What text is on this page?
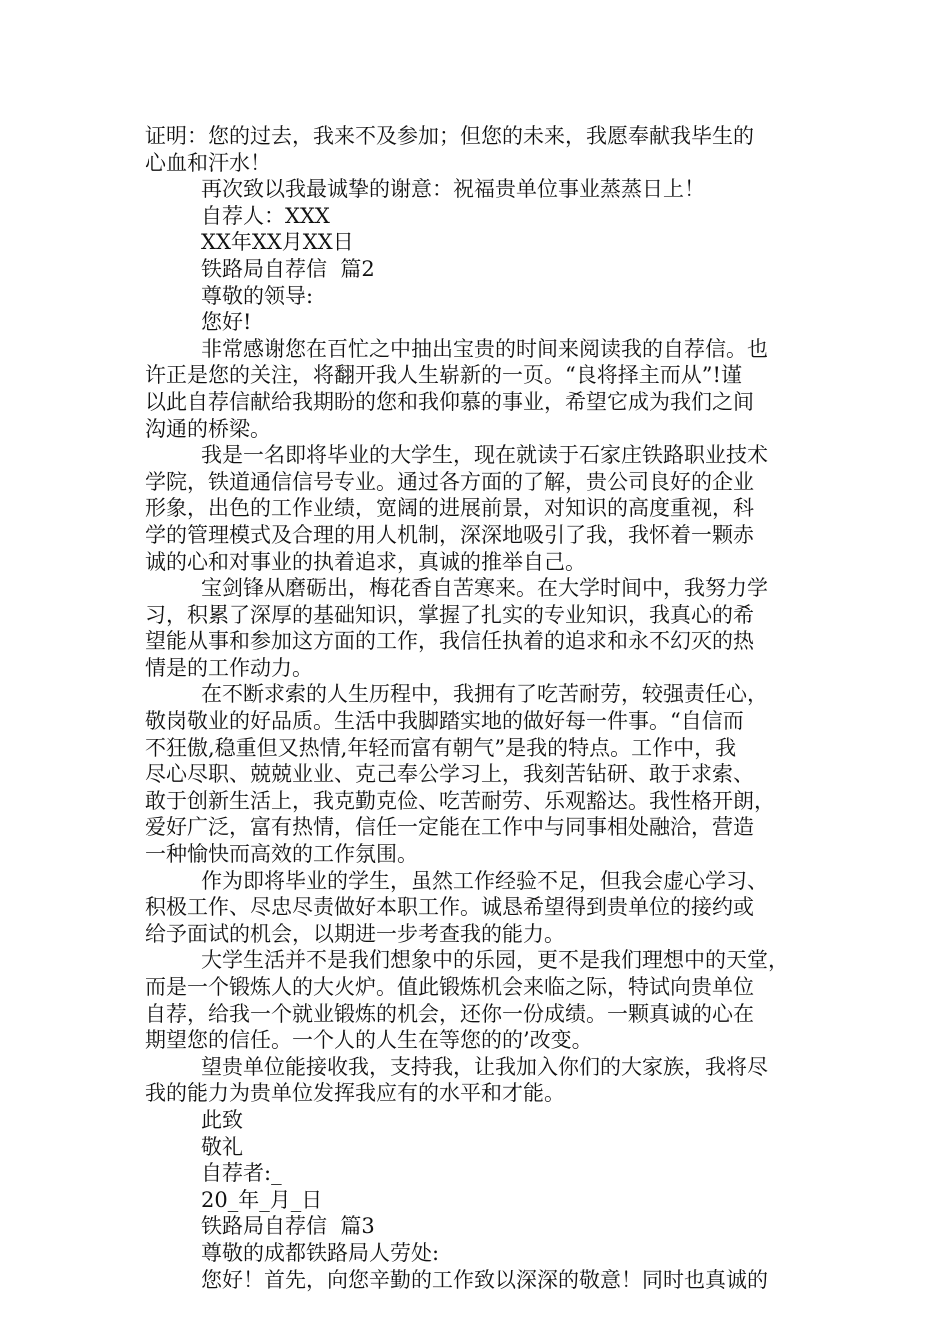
证明：您的过去，我来不及参加；但您的未来，我愿奉献我毕生的
心血和汗水！
再次致以我最诚挚的谢意：祝福贵单位事业蒸蒸日上！
自荐人：XXX
XX年XX月XX日
铁路局自荐信  篇2
尊敬的领导:
您好!
非常感谢您在百忙之中抽出宝贵的时间来阅读我的自荐信。也
许正是您的关注，将翻开我人生崭新的一页。“良将择主而从”!谨
以此自荐信献给我期盼的您和我仰慕的事业，希望它成为我们之间
沟通的桥梁。
我是一名即将毕业的大学生，现在就读于石家庄铁路职业技术
学院，铁道通信信号专业。通过各方面的了解，贵公司良好的企业
形象，出色的工作业绩，宽阔的进展前景，对知识的高度重视，科
学的管理模式及合理的用人机制，深深地吸引了我，我怀着一颗赤
诚的心和对事业的执着追求，真诚的推举自己。
宝剑锋从磨砺出，梅花香自苦寒来。在大学时间中，我努力学
习，积累了深厚的基础知识，掌握了扎实的专业知识，我真心的希
望能从事和参加这方面的工作，我信任执着的追求和永不幻灭的热
情是的工作动力。
在不断求索的人生历程中，我拥有了吃苦耐劳，较强责任心，
敬岗敬业的好品质。生活中我脚踏实地的做好每一件事。“自信而
不狂傲,稳重但又热情,年轻而富有朝气”是我的特点。工作中，我
尽心尽职、兢兢业业、克己奉公学习上，我刻苦钻研、敢于求索、
敢于创新生活上，我克勤克俭、吃苦耐劳、乐观豁达。我性格开朗，
爱好广泛，富有热情，信任一定能在工作中与同事相处融洽，营造
一种愉快而高效的工作氛围。
作为即将毕业的学生，虽然工作经验不足，但我会虚心学习、
积极工作、尽忠尽责做好本职工作。诚恳希望得到贵单位的接约或
给予面试的机会，以期进一步考查我的能力。
大学生活并不是我们想象中的乐园，更不是我们理想中的天堂，
而是一个锻炼人的大火炉。值此锻炼机会来临之际，特试向贵单位
自荐，给我一个就业锻炼的机会，还你一份成绩。一颗真诚的心在
期望您的信任。一个人的人生在等您的的’改变。
望贵单位能接收我，支持我，让我加入你们的大家族，我将尽
我的能力为贵单位发挥我应有的水平和才能。
此致
敬礼
自荐者:_
20_年_月_日
铁路局自荐信  篇3
尊敬的成都铁路局人劳处:
您好！首先，向您辛勤的工作致以深深的敬意！同时也真诚的
